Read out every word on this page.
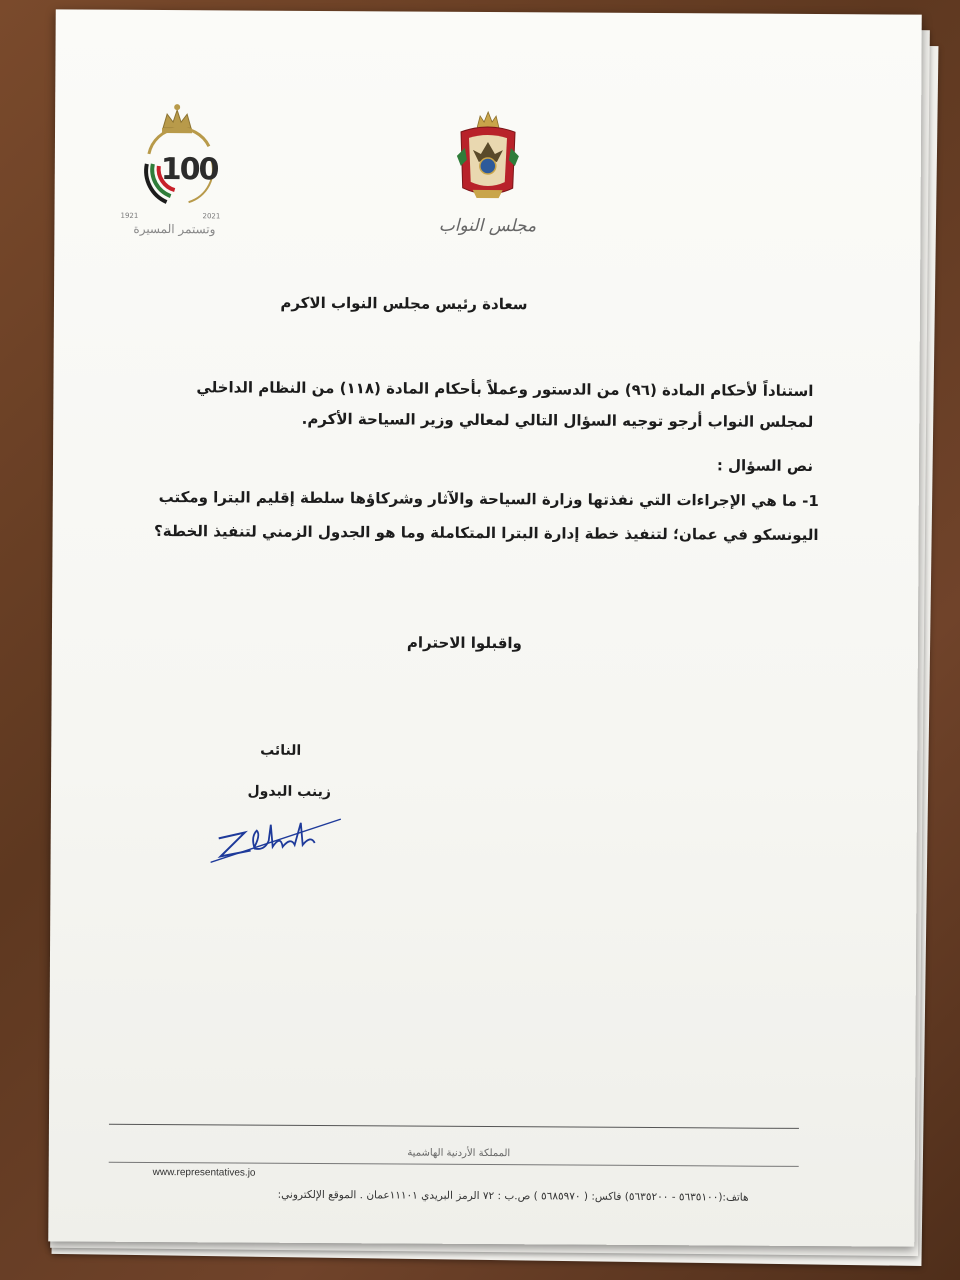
100
1921	2021
وتستمر المسيرة	مجلس النواب
سعادة رئيس مجلس النواب الاكرم
استناداً لأحكام المادة (٩٦) من الدستور وعملاً بأحكام المادة (١١٨) من النظام الداخلي لمجلس النواب أرجو توجيه السؤال التالي لمعالي وزير السياحة الأكرم.
نص السؤال :
1- ما هي الإجراءات التي نفذتها وزارة السياحة والآثار وشركاؤها سلطة إقليم البترا ومكتب اليونسكو في عمان؛ لتنفيذ خطة إدارة البترا المتكاملة وما هو الجدول الزمني لتنفيذ الخطة؟
واقبلوا الاحترام
النائب
زينب البدول
المملكة الأردنية الهاشمية
www.representatives.jo
هاتف:(٥٦٣٥١٠٠ - ٥٦٣٥٢٠٠) فاكس: ( ٥٦٨٥٩٧٠ ) ص.ب : ٧٢ الرمز البريدي ١١١٠١عمان . الموقع الإلكتروني:
